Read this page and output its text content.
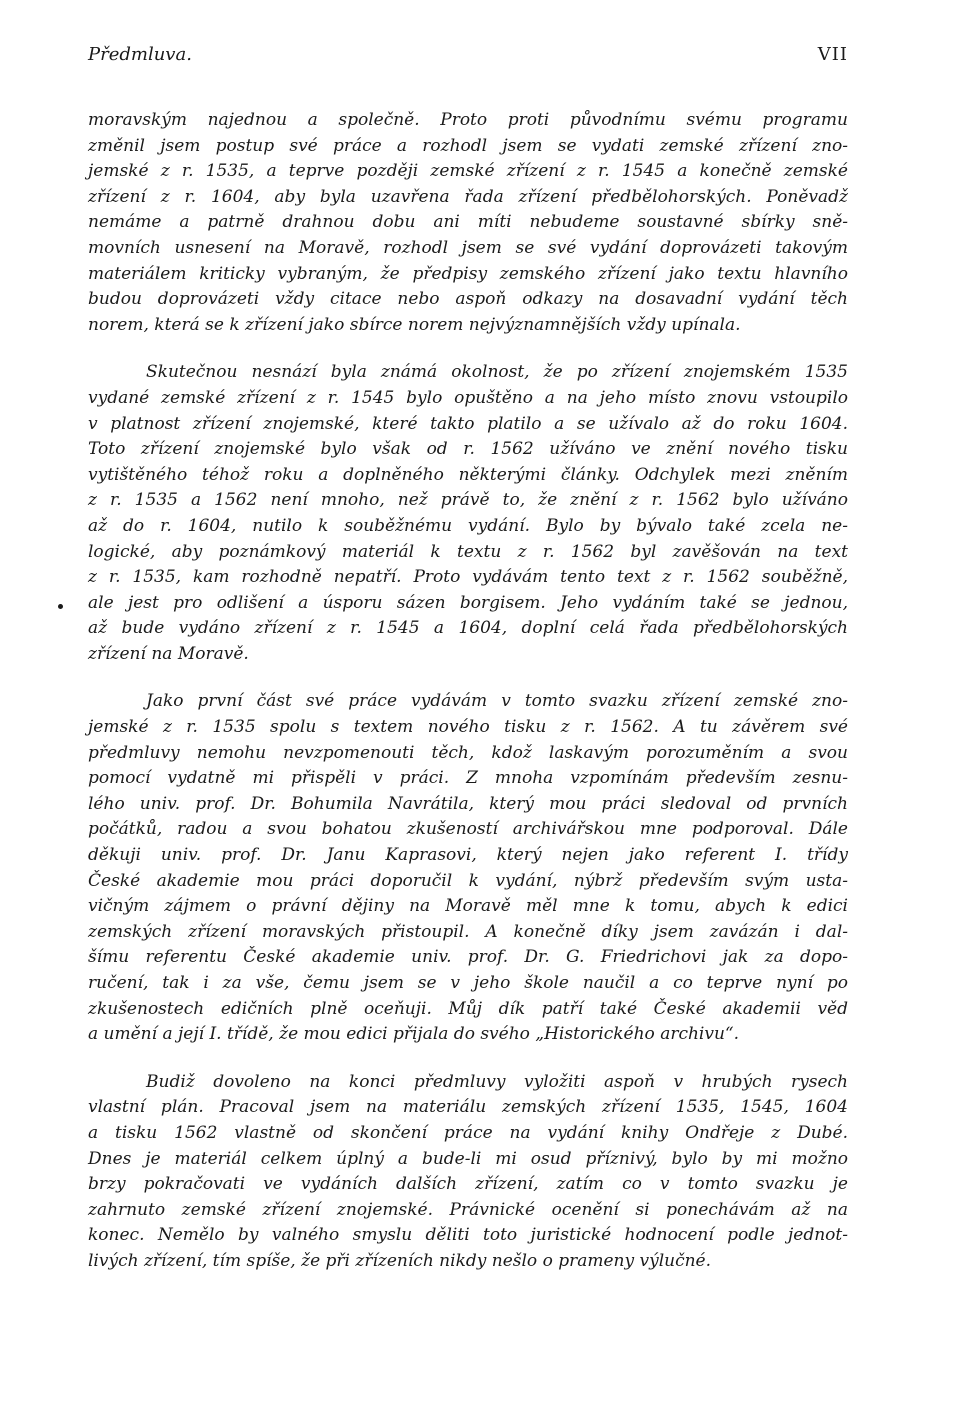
Předmluva.	VII

moravským najednou a společně. Proto proti původnímu svému programu
změnil jsem postup své práce a rozhodl jsem se vydati zemské zřízení zno-
jemské z r. 1535, a teprve později zemské zřízení z r. 1545 a konečně zemské
zřízení z r. 1604, aby byla uzavřena řada zřízení předbělohorských. Poněvadž
nemáme a patrně drahnou dobu ani míti nebudeme soustavné sbírky sně-
movních usnesení na Moravě, rozhodl jsem se své vydání doprovázeti takovým
materiálem kriticky vybraným, že předpisy zemského zřízení jako textu hlavního
budou doprovázeti vždy citace nebo aspoň odkazy na dosavadní vydání těch
norem, která se k zřízení jako sbírce norem nejvýznamnějších vždy upínala.

Skutečnou nesnází byla známá okolnost, že po zřízení znojemském 1535
vydané zemské zřízení z r. 1545 bylo opuštěno a na jeho místo znovu vstoupilo
v platnost zřízení znojemské, které takto platilo a se užívalo až do roku 1604.
Toto zřízení znojemské bylo však od r. 1562 užíváno ve znění nového tisku
vytištěného téhož roku a doplněného některými články. Odchylek mezi zněním
z r. 1535 a 1562 není mnoho, než právě to, že znění z r. 1562 bylo užíváno
až do r. 1604, nutilo k souběžnému vydání. Bylo by bývalo také zcela ne-
logické, aby poznámkový materiál k textu z r. 1562 byl zavěšován na text
z r. 1535, kam rozhodně nepatří. Proto vydávám tento text z r. 1562 souběžně,
ale jest pro odlišení a úsporu sázen borgisem. Jeho vydáním také se jednou,
až bude vydáno zřízení z r. 1545 a 1604, doplní celá řada předbělohorských
zřízení na Moravě.

Jako první část své práce vydávám v tomto svazku zřízení zemské zno-
jemské z r. 1535 spolu s textem nového tisku z r. 1562. A tu závěrem své
předmluvy nemohu nevzpomenouti těch, kdož laskavým porozuměním a svou
pomocí vydatně mi přispěli v práci. Z mnoha vzpomínám především zesnu-
lého univ. prof. Dr. Bohumila Navrátila, který mou práci sledoval od prvních
počátků, radou a svou bohatou zkušeností archivářskou mne podporoval. Dále
děkuji univ. prof. Dr. Janu Kaprasovi, který nejen jako referent I. třídy
České akademie mou práci doporučil k vydání, nýbrž především svým usta-
vičným zájmem o právní dějiny na Moravě měl mne k tomu, abych k edici
zemských zřízení moravských přistoupil. A konečně díky jsem zavázán i dal-
šímu referentu České akademie univ. prof. Dr. G. Friedrichovi jak za dopo-
ručení, tak i za vše, čemu jsem se v jeho škole naučil a co teprve nyní po
zkušenostech edičních plně oceňuji. Můj dík patří také České akademii věd
a umění a její I. třídě, že mou edici přijala do svého „Historického archivu“.

Budiž dovoleno na konci předmluvy vyložiti aspoň v hrubých rysech
vlastní plán. Pracoval jsem na materiálu zemských zřízení 1535, 1545, 1604
a tisku 1562 vlastně od skončení práce na vydání knihy Ondřeje z Dubé.
Dnes je materiál celkem úplný a bude-li mi osud příznivý, bylo by mi možno
brzy pokračovati ve vydáních dalších zřízení, zatím co v tomto svazku je
zahrnuto zemské zřízení znojemské. Právnické ocenění si ponechávám až na
konec. Nemělo by valného smyslu děliti toto juristické hodnocení podle jednot-
livých zřízení, tím spíše, že při zřízeních nikdy nešlo o prameny výlučné.
